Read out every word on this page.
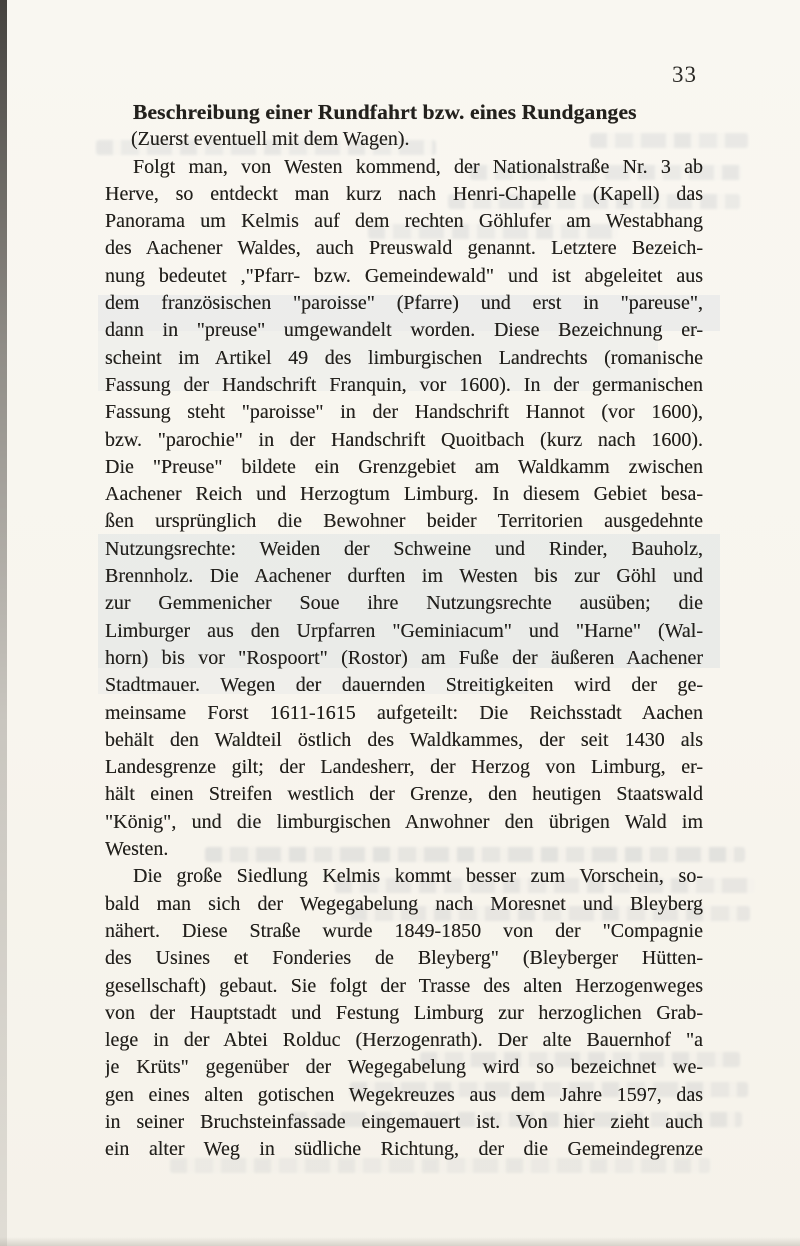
33
Beschreibung einer Rundfahrt bzw. eines Rundganges
(Zuerst eventuell mit dem Wagen).
Folgt man, von Westen kommend, der Nationalstraße Nr. 3 ab
Herve, so entdeckt man kurz nach Henri-Chapelle (Kapell) das
Panorama um Kelmis auf dem rechten Göhlufer am Westabhang
des Aachener Waldes, auch Preuswald genannt. Letztere Bezeich-
nung bedeutet ,"Pfarr- bzw. Gemeindewald" und ist abgeleitet aus
dem französischen "paroisse" (Pfarre) und erst in "pareuse",
dann in "preuse" umgewandelt worden. Diese Bezeichnung er-
scheint im Artikel 49 des limburgischen Landrechts (romanische
Fassung der Handschrift Franquin, vor 1600). In der germanischen
Fassung steht "paroisse" in der Handschrift Hannot (vor 1600),
bzw. "parochie" in der Handschrift Quoitbach (kurz nach 1600).
Die "Preuse" bildete ein Grenzgebiet am Waldkamm zwischen
Aachener Reich und Herzogtum Limburg. In diesem Gebiet besa-
ßen ursprünglich die Bewohner beider Territorien ausgedehnte
Nutzungsrechte: Weiden der Schweine und Rinder, Bauholz,
Brennholz. Die Aachener durften im Westen bis zur Göhl und
zur Gemmenicher Soue ihre Nutzungsrechte ausüben; die
Limburger aus den Urpfarren "Geminiacum" und "Harne" (Wal-
horn) bis vor "Rospoort" (Rostor) am Fuße der äußeren Aachener
Stadtmauer. Wegen der dauernden Streitigkeiten wird der ge-
meinsame Forst 1611-1615 aufgeteilt: Die Reichsstadt Aachen
behält den Waldteil östlich des Waldkammes, der seit 1430 als
Landesgrenze gilt; der Landesherr, der Herzog von Limburg, er-
hält einen Streifen westlich der Grenze, den heutigen Staatswald
"König", und die limburgischen Anwohner den übrigen Wald im
Westen.
Die große Siedlung Kelmis kommt besser zum Vorschein, so-
bald man sich der Wegegabelung nach Moresnet und Bleyberg
nähert. Diese Straße wurde 1849-1850 von der "Compagnie
des Usines et Fonderies de Bleyberg" (Bleyberger Hütten-
gesellschaft) gebaut. Sie folgt der Trasse des alten Herzogenweges
von der Hauptstadt und Festung Limburg zur herzoglichen Grab-
lege in der Abtei Rolduc (Herzogenrath). Der alte Bauernhof "a
je Krüts" gegenüber der Wegegabelung wird so bezeichnet we-
gen eines alten gotischen Wegekreuzes aus dem Jahre 1597, das
in seiner Bruchsteinfassade eingemauert ist. Von hier zieht auch
ein alter Weg in südliche Richtung, der die Gemeindegrenze
